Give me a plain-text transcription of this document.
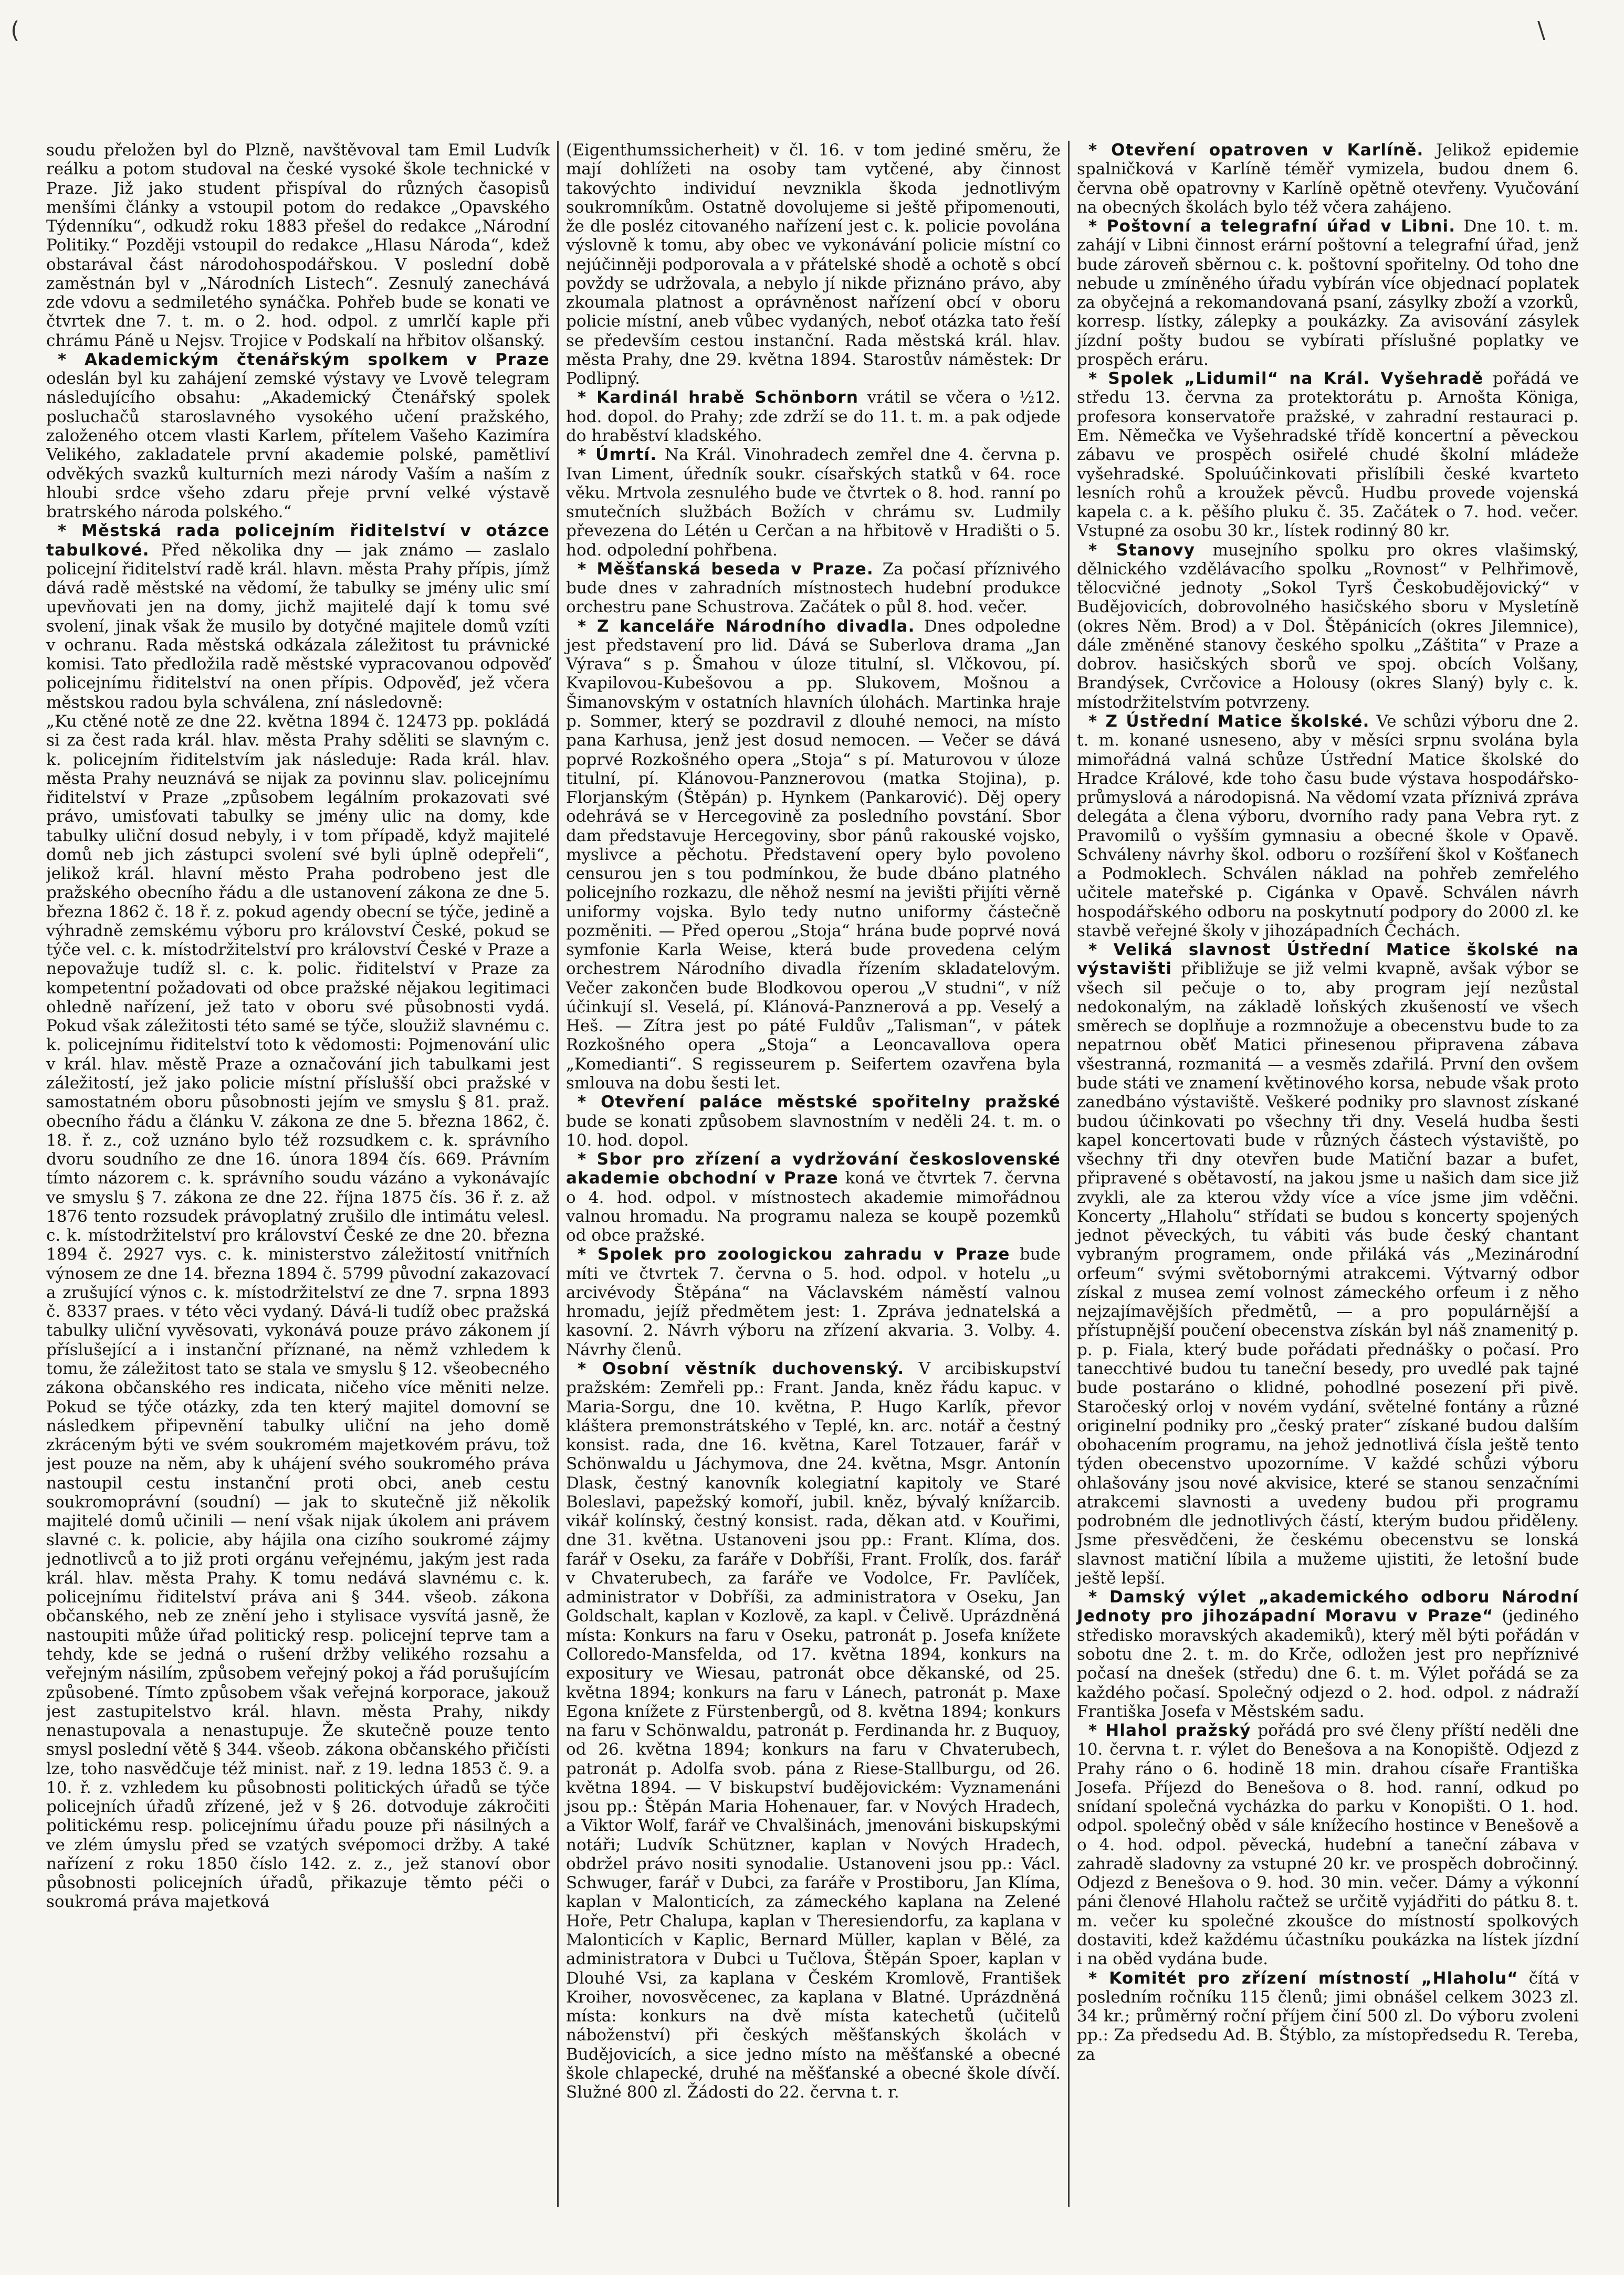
(	\

soudu přeložen byl do Plzně, navštěvoval tam Emil Ludvík reálku a potom studoval na české vysoké škole technické v Praze. Již jako student přispíval do různých časopisů menšími články a vstoupil potom do redakce „Opavského Týdenníku“, odkudž roku 1883 přešel do redakce „Národní Politiky.“ Později vstoupil do redakce „Hlasu Národa“, kdež obstarával část národohospodářskou. V poslední době zaměstnán byl v „Národních Listech“. Zesnulý zanechává zde vdovu a sedmiletého synáčka. Pohřeb bude se konati ve čtvrtek dne 7. t. m. o 2. hod. odpol. z umrlčí kaple při chrámu Páně u Nejsv. Trojice v Podskalí na hřbitov olšanský.

* Akademickým čtenářským spolkem v Praze odeslán byl ku zahájení zemské výstavy ve Lvově telegram následujícího obsahu: „Akademický Čtenářský spolek posluchačů staroslavného vysokého učení pražského, založeného otcem vlasti Karlem, přítelem Vašeho Kazimíra Velikého, zakladatele první akademie polské, pamětliví odvěkých svazků kulturních mezi národy Vaším a naším z hloubi srdce všeho zdaru přeje první velké výstavě bratrského národa polského.“

* Městská rada policejním řiditelství v otázce tabulkové. Před několika dny — jak známo — zaslalo policejní řiditelství radě král. hlavn. města Prahy přípis, jímž dává radě městské na vědomí, že tabulky se jmény ulic smí upevňovati jen na domy, jichž majitelé dají k tomu své svolení, jinak však že musilo by dotyčné majitele domů vzíti v ochranu. Rada městská odkázala záležitost tu právnické komisi. Tato předložila radě městské vypracovanou odpověď policejnímu řiditelství na onen přípis. Odpověď, jež včera městskou radou byla schválena, zní následovně:

„Ku ctěné notě ze dne 22. května 1894 č. 12473 pp. pokládá si za čest rada král. hlav. města Prahy sděliti se slavným c. k. policejním řiditelstvím jak následuje: Rada král. hlav. města Prahy neuznává se nijak za povinnu slav. policejnímu řiditelství v Praze „způsobem legálním prokazovati své právo, umisťovati tabulky se jmény ulic na domy, kde tabulky uliční dosud nebyly, i v tom případě, když majitelé domů neb jich zástupci svolení své byli úplně odepřeli“, jelikož král. hlavní město Praha podrobeno jest dle pražského obecního řádu a dle ustanovení zákona ze dne 5. března 1862 č. 18 ř. z. pokud agendy obecní se týče, jedině a výhradně zemskému výboru pro království České, pokud se týče vel. c. k. místodržitelství pro království České v Praze a nepovažuje tudíž sl. c. k. polic. řiditelství v Praze za kompetentní požadovati od obce pražské nějakou legitimaci ohledně nařízení, jež tato v oboru své působnosti vydá. Pokud však záležitosti této samé se týče, sloužiž slavnému c. k. policejnímu řiditelství toto k vědomosti: Pojmenování ulic v král. hlav. městě Praze a označování jich tabulkami jest záležitostí, jež jako policie místní příslušší obci pražské v samostatném oboru působnosti jejím ve smyslu § 81. praž. obecního řádu a článku V. zákona ze dne 5. března 1862, č. 18. ř. z., což uznáno bylo též rozsudkem c. k. správního dvoru soudního ze dne 16. února 1894 čís. 669. Právním tímto názorem c. k. správního soudu vázáno a vykonávajíc ve smyslu § 7. zákona ze dne 22. října 1875 čís. 36 ř. z. až 1876 tento rozsudek právoplatný zrušilo dle intimátu velesl. c. k. místodržitelství pro království České ze dne 20. března 1894 č. 2927 vys. c. k. ministerstvo záležitostí vnitřních výnosem ze dne 14. března 1894 č. 5799 původní zakazovací a zrušující výnos c. k. místodržitelství ze dne 7. srpna 1893 č. 8337 praes. v této věci vydaný. Dává-li tudíž obec pražská tabulky uliční vyvěsovati, vykonává pouze právo zákonem jí příslušející a i instanční příznané, na němž vzhledem k tomu, že záležitost tato se stala ve smyslu § 12. všeobecného zákona občanského res indicata, ničeho více měniti nelze. Pokud se týče otázky, zda ten který majitel domovní se následkem připevnění tabulky uliční na jeho domě zkráceným býti ve svém soukromém majetkovém právu, tož jest pouze na něm, aby k uhájení svého soukromého práva nastoupil cestu instanční proti obci, aneb cestu soukromoprávní (soudní) — jak to skutečně již několik majitelé domů učinili — není však nijak úkolem ani právem slavné c. k. policie, aby hájila ona cizího soukromé zájmy jednotlivců a to již proti orgánu veřejnému, jakým jest rada král. hlav. města Prahy. K tomu nedává slavnému c. k. policejnímu řiditelství práva ani § 344. všeob. zákona občanského, neb ze znění jeho i stylisace vysvítá jasně, že nastoupiti může úřad politický resp. policejní teprve tam a tehdy, kde se jedná o rušení držby velikého rozsahu a veřejným násilím, způsobem veřejný pokoj a řád porušujícím způsobené. Tímto způsobem však veřejná korporace, jakouž jest zastupitelstvo král. hlavn. města Prahy, nikdy nenastupovala a nenastupuje. Že skutečně pouze tento smysl poslední větě § 344. všeob. zákona občanského přičísti lze, toho nasvědčuje též minist. nař. z 19. ledna 1853 č. 9. a 10. ř. z. vzhledem ku působnosti politických úřadů se týče policejních úřadů zřízené, jež v § 26. dotvoduje zákročiti politickému resp. policejnímu úřadu pouze při násilných a ve zlém úmyslu před se vzatých svépomoci držby. A také nařízení z roku 1850 číslo 142. z. z., jež stanoví obor působnosti policejních úřadů, přikazuje těmto péči o soukromá práva majetková

(Eigenthumssicherheit) v čl. 16. v tom jediné směru, že mají dohlížeti na osoby tam vytčené, aby činnost takovýchto individuí nevznikla škoda jednotlivým soukromníkům. Ostatně dovolujeme si ještě připomenouti, že dle posléz citovaného nařízení jest c. k. policie povolána výslovně k tomu, aby obec ve vykonávání policie místní co nejúčinněji podporovala a v přátelské shodě a ochotě s obcí povždy se udržovala, a nebylo jí nikde přiznáno právo, aby zkoumala platnost a oprávněnost nařízení obcí v oboru policie místní, aneb vůbec vydaných, neboť otázka tato řeší se především cestou instanční. Rada městská král. hlav. města Prahy, dne 29. května 1894. Starostův náměstek: Dr Podlipný.

* Kardinál hrabě Schönborn vrátil se včera o ½12. hod. dopol. do Prahy; zde zdrží se do 11. t. m. a pak odjede do hraběství kladského.

* Úmrtí. Na Král. Vinohradech zemřel dne 4. června p. Ivan Liment, úředník soukr. císařských statků v 64. roce věku. Mrtvola zesnulého bude ve čtvrtek o 8. hod. ranní po smutečních službách Božích v chrámu sv. Ludmily převezena do Létén u Cerčan a na hřbitově v Hradišti o 5. hod. odpolední pohřbena.

* Měšťanská beseda v Praze. Za počasí příznivého bude dnes v zahradních místnostech hudební produkce orchestru pane Schustrova. Začátek o půl 8. hod. večer.

* Z kanceláře Národního divadla. Dnes odpoledne jest představení pro lid. Dává se Suberlova drama „Jan Výrava“ s p. Šmahou v úloze titulní, sl. Vlčkovou, pí. Kvapilovou-Kubešovou a pp. Slukovem, Mošnou a Šimanovským v ostatních hlavních úlohách. Martinka hraje p. Sommer, který se pozdravil z dlouhé nemoci, na místo pana Karhusa, jenž jest dosud nemocen. — Večer se dává poprvé Rozkošného opera „Stoja“ s pí. Maturovou v úloze titulní, pí. Klánovou-Panznerovou (matka Stojina), p. Florjanským (Štěpán) p. Hynkem (Pankarović). Děj opery odehrává se v Hercegovině za posledního povstání. Sbor dam představuje Hercegoviny, sbor pánů rakouské vojsko, myslivce a pěchotu. Představení opery bylo povoleno censurou jen s tou podmínkou, že bude dbáno platného policejního rozkazu, dle něhož nesmí na jevišti přijíti věrně uniformy vojska. Bylo tedy nutno uniformy částečně pozměniti. — Před operou „Stoja“ hrána bude poprvé nová symfonie Karla Weise, která bude provedena celým orchestrem Národního divadla řízením skladatelovým. Večer zakončen bude Blodkovou operou „V studni“, v níž účinkují sl. Veselá, pí. Klánová-Panznerová a pp. Veselý a Heš. — Zítra jest po páté Fuldův „Talisman“, v pátek Rozkošného opera „Stoja“ a Leoncavallova opera „Komedianti“. S regisseurem p. Seifertem ozavřena byla smlouva na dobu šesti let.

* Otevření paláce městské spořitelny pražské bude se konati způsobem slavnostním v neděli 24. t. m. o 10. hod. dopol.

* Sbor pro zřízení a vydržování československé akademie obchodní v Praze koná ve čtvrtek 7. června o 4. hod. odpol. v místnostech akademie mimořádnou valnou hromadu. Na programu naleza se koupě pozemků od obce pražské.

* Spolek pro zoologickou zahradu v Praze bude míti ve čtvrtek 7. června o 5. hod. odpol. v hotelu „u arcivévody Štěpána“ na Václavském náměstí valnou hromadu, jejíž předmětem jest: 1. Zpráva jednatelská a kasovní. 2. Návrh výboru na zřízení akvaria. 3. Volby. 4. Návrhy členů.

* Osobní věstník duchovenský. V arcibiskupství pražském: Zemřeli pp.: Frant. Janda, kněz řádu kapuc. v Maria-Sorgu, dne 10. května, P. Hugo Karlík, převor kláštera premonstrátského v Teplé, kn. arc. notář a čestný konsist. rada, dne 16. května, Karel Totzauer, farář v Schönwaldu u Jáchymova, dne 24. května, Msgr. Antonín Dlask, čestný kanovník kolegiatní kapitoly ve Staré Boleslavi, papežský komoří, jubil. kněz, bývalý knížarcib. vikář kolínský, čestný konsist. rada, děkan atd. v Kouřimi, dne 31. května. Ustanoveni jsou pp.: Frant. Klíma, dos. farář v Oseku, za faráře v Dobříši, Frant. Frolík, dos. farář v Chvaterubech, za faráře ve Vodolce, Fr. Pavlíček, administrator v Dobříši, za administratora v Oseku, Jan Goldschalt, kaplan v Kozlově, za kapl. v Čelivě. Uprázdněná místa: Konkurs na faru v Oseku, patronát p. Josefa knížete Colloredo-Mansfelda, od 17. května 1894, konkurs na expositury ve Wiesau, patronát obce děkanské, od 25. května 1894; konkurs na faru v Lánech, patronát p. Maxe Egona knížete z Fürstenbergů, od 8. května 1894; konkurs na faru v Schönwaldu, patronát p. Ferdinanda hr. z Buquoy, od 26. května 1894; konkurs na faru v Chvaterubech, patronát p. Adolfa svob. pána z Riese-Stallburgu, od 26. května 1894. — V biskupství budějovickém: Vyznamenáni jsou pp.: Štěpán Maria Hohenauer, far. v Nových Hradech, a Viktor Wolf, farář ve Chvalšinách, jmenováni biskupskými notáři; Ludvík Schützner, kaplan v Nových Hradech, obdržel právo nositi synodalie. Ustanoveni jsou pp.: Václ. Schwuger, farář v Dubci, za faráře v Prostiboru, Jan Klíma, kaplan v Malonticích, za zámeckého kaplana na Zelené Hoře, Petr Chalupa, kaplan v Theresiendorfu, za kaplana v Malonticích v Kaplic, Bernard Müller, kaplan v Bělé, za administratora v Dubci u Tučlova, Štěpán Spoer, kaplan v Dlouhé Vsi, za kaplana v Českém Kromlově, František Kroiher, novosvěcenec, za kaplana v Blatné. Uprázdněná místa: konkurs na dvě místa katechetů (učitelů náboženství) při českých měšťanských školách v Budějovicích, a sice jedno místo na měšťanské a obecné škole chlapecké, druhé na měšťanské a obecné škole dívčí. Služné 800 zl. Žádosti do 22. června t. r.

* Otevření opatroven v Karlíně. Jelikož epidemie spalničková v Karlíně téměř vymizela, budou dnem 6. června obě opatrovny v Karlíně opětně otevřeny. Vyučování na obecných školách bylo též včera zahájeno.

* Poštovní a telegrafní úřad v Libni. Dne 10. t. m. zahájí v Libni činnost erární poštovní a telegrafní úřad, jenž bude zároveň sběrnou c. k. poštovní spořitelny. Od toho dne nebude u zmíněného úřadu vybírán více objednací poplatek za obyčejná a rekomandovaná psaní, zásylky zboží a vzorků, korresp. lístky, zálepky a poukázky. Za avisování zásylek jízdní pošty budou se vybírati příslušné poplatky ve prospěch eráru.

* Spolek „Lidumil“ na Král. Vyšehradě pořádá ve středu 13. června za protektorátu p. Arnošta Königa, profesora konservatoře pražské, v zahradní restauraci p. Em. Němečka ve Vyšehradské třídě koncertní a pěveckou zábavu ve prospěch osiřelé chudé školní mládeže vyšehradské. Spoluúčinkovati přislíbili české kvarteto lesních rohů a kroužek pěvců. Hudbu provede vojenská kapela c. a k. pěšího pluku č. 35. Začátek o 7. hod. večer. Vstupné za osobu 30 kr., lístek rodinný 80 kr.

* Stanovy musejního spolku pro okres vlašimský, dělnického vzdělávacího spolku „Rovnost“ v Pelhřimově, tělocvičné jednoty „Sokol Tyrš Českobudějovický“ v Budějovicích, dobrovolného hasičského sboru v Mysletíně (okres Něm. Brod) a v Dol. Štěpánicích (okres Jilemnice), dále změněné stanovy českého spolku „Záštita“ v Praze a dobrov. hasičských sborů ve spoj. obcích Volšany, Brandýsek, Cvrčovice a Holousy (okres Slaný) byly c. k. místodržitelstvím potvrzeny.

* Z Ústřední Matice školské. Ve schůzi výboru dne 2. t. m. konané usneseno, aby v měsíci srpnu svolána byla mimořádná valná schůze Ústřední Matice školské do Hradce Králové, kde toho času bude výstava hospodářsko-průmyslová a národopisná. Na vědomí vzata příznivá zpráva delegáta a člena výboru, dvorního rady pana Vebra ryt. z Pravomilů o vyšším gymnasiu a obecné škole v Opavě. Schváleny návrhy škol. odboru o rozšíření škol v Košťanech a Podmoklech. Schválen náklad na pohřeb zemřelého učitele mateřské p. Cigánka v Opavě. Schválen návrh hospodářského odboru na poskytnutí podpory do 2000 zl. ke stavbě veřejné školy v jihozápadních Čechách.

* Veliká slavnost Ústřední Matice školské na výstavišti přibližuje se již velmi kvapně, avšak výbor se všech sil pečuje o to, aby program její nezůstal nedokonalým, na základě loňských zkušeností ve všech směrech se doplňuje a rozmnožuje a obecenstvu bude to za nepatrnou oběť Matici přinesenou připravena zábava všestranná, rozmanitá — a vesměs zdařilá. První den ovšem bude státi ve znamení květinového korsa, nebude však proto zanedbáno výstaviště. Veškeré podniky pro slavnost získané budou účinkovati po všechny tři dny. Veselá hudba šesti kapel koncertovati bude v různých částech výstaviště, po všechny tři dny otevřen bude Matiční bazar a bufet, připravené s obětavostí, na jakou jsme u našich dam sice již zvykli, ale za kterou vždy více a více jsme jim vděčni. Koncerty „Hlaholu“ střídati se budou s koncerty spojených jednot pěveckých, tu vábiti vás bude český chantant vybraným programem, onde přiláká vás „Mezinárodní orfeum“ svými světobornými atrakcemi. Výtvarný odbor získal z musea zemí volnost zámeckého orfeum i z něho nejzajímavějších předmětů, — a pro populárnější a přístupnější poučení obecenstva získán byl náš znamenitý p. p. p. Fiala, který bude pořádati přednášky o počasí. Pro tanecchtivé budou tu taneční besedy, pro uvedlé pak tajné bude postaráno o klidné, pohodlné posezení při pivě. Staročeský orloj v novém vydání, světelné fontány a různé originelní podniky pro „český prater“ získané budou dalším obohacením programu, na jehož jednotlivá čísla ještě tento týden obecenstvo upozorníme. V každé schůzi výboru ohlašovány jsou nové akvisice, které se stanou senzačními atrakcemi slavnosti a uvedeny budou při programu podrobném dle jednotlivých částí, kterým budou přiděleny. Jsme přesvědčeni, že českému obecenstvu se lonská slavnost matiční líbila a mužeme ujistiti, že letošní bude ještě lepší.

* Damský výlet „akademického odboru Národní Jednoty pro jihozápadní Moravu v Praze“ (jediného středisko moravských akademiků), který měl býti pořádán v sobotu dne 2. t. m. do Krče, odložen jest pro nepříznivé počasí na dnešek (středu) dne 6. t. m. Výlet pořádá se za každého počasí. Společný odjezd o 2. hod. odpol. z nádraží Františka Josefa v Městském sadu.

* Hlahol pražský pořádá pro své členy příští neděli dne 10. června t. r. výlet do Benešova a na Konopiště. Odjezd z Prahy ráno o 6. hodině 18 min. drahou císaře Františka Josefa. Příjezd do Benešova o 8. hod. ranní, odkud po snídaní společná vycházka do parku v Konopišti. O 1. hod. odpol. společný oběd v sále knížecího hostince v Benešově a o 4. hod. odpol. pěvecká, hudební a taneční zábava v zahradě sladovny za vstupné 20 kr. ve prospěch dobročinný. Odjezd z Benešova o 9. hod. 30 min. večer. Dámy a výkonní páni členové Hlaholu račtež se určitě vyjádřiti do pátku 8. t. m. večer ku společné zkoušce do místností spolkových dostaviti, kdež každému účastníku poukázka na lístek jízdní i na oběd vydána bude.

* Komitét pro zřízení místností „Hlaholu“ čítá v posledním ročníku 115 členů; jimi obnášel celkem 3023 zl. 34 kr.; průměrný roční příjem činí 500 zl. Do výboru zvoleni pp.: Za předsedu Ad. B. Štýblo, za místopředsedu R. Tereba, za
